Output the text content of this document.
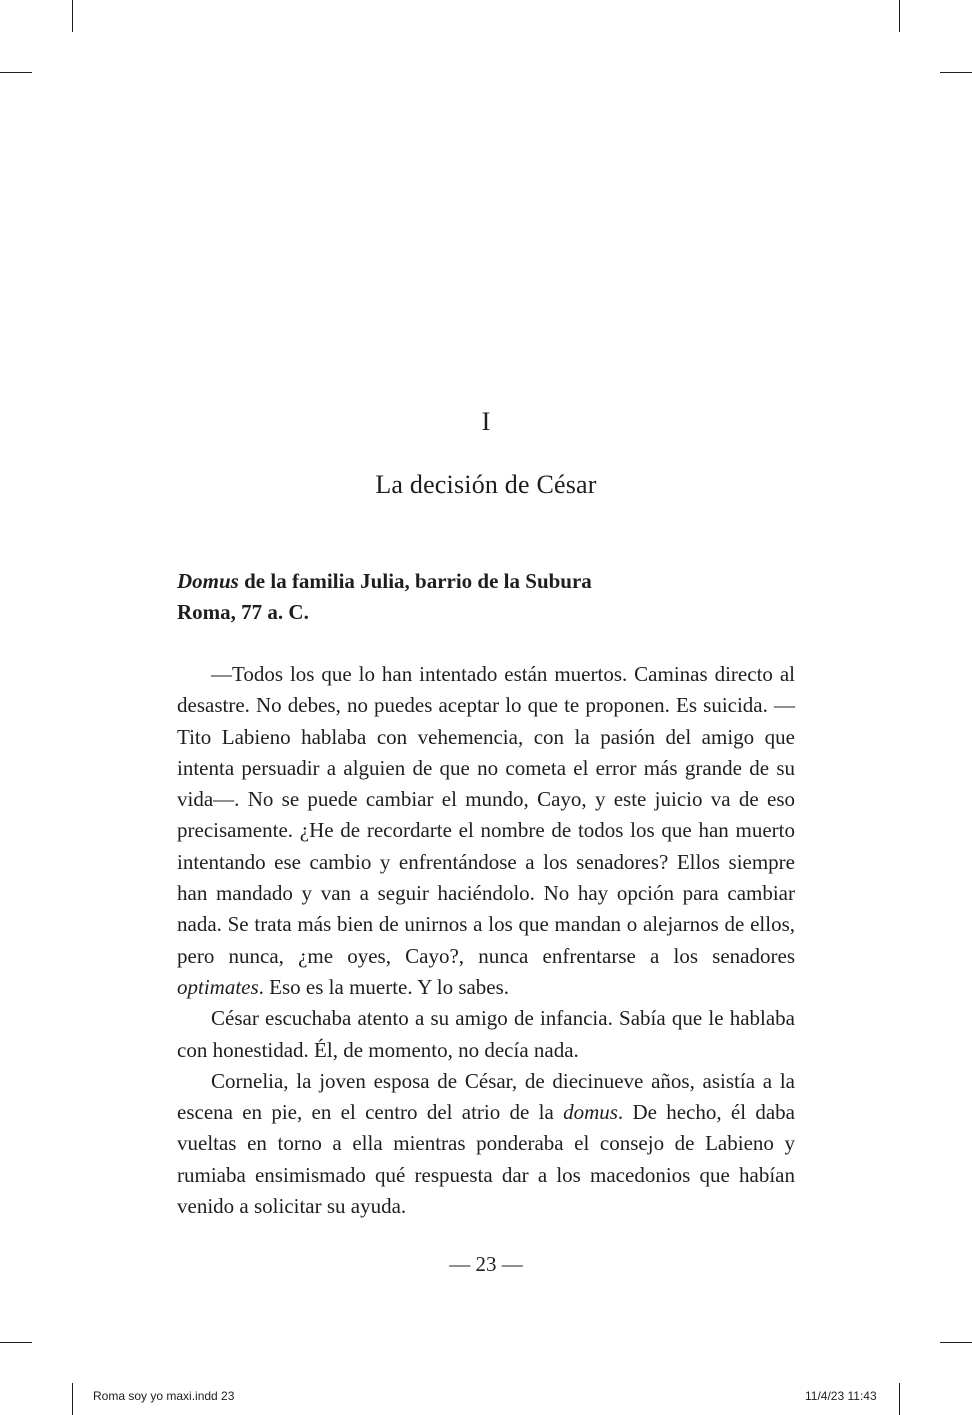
I
La decisión de César
Domus de la familia Julia, barrio de la Subura
Roma, 77 a. C.

—Todos los que lo han intentado están muertos. Caminas directo al desastre. No debes, no puedes aceptar lo que te proponen. Es suicida. —Tito Labieno hablaba con vehemencia, con la pasión del amigo que intenta persuadir a alguien de que no cometa el error más grande de su vida—. No se puede cambiar el mundo, Cayo, y este juicio va de eso precisamente. ¿He de recordarte el nombre de todos los que han muerto intentando ese cambio y enfrentándose a los senadores? Ellos siempre han mandado y van a seguir haciéndolo. No hay opción para cambiar nada. Se trata más bien de unirnos a los que mandan o alejarnos de ellos, pero nunca, ¿me oyes, Cayo?, nunca enfrentarse a los senadores optimates. Eso es la muerte. Y lo sabes.

César escuchaba atento a su amigo de infancia. Sabía que le hablaba con honestidad. Él, de momento, no decía nada.

Cornelia, la joven esposa de César, de diecinueve años, asistía a la escena en pie, en el centro del atrio de la domus. De hecho, él daba vueltas en torno a ella mientras ponderaba el consejo de Labieno y rumiaba ensimismado qué respuesta dar a los macedonios que habían venido a solicitar su ayuda.

— 23 —
Roma soy yo maxi.indd 23	11/4/23 11:43
